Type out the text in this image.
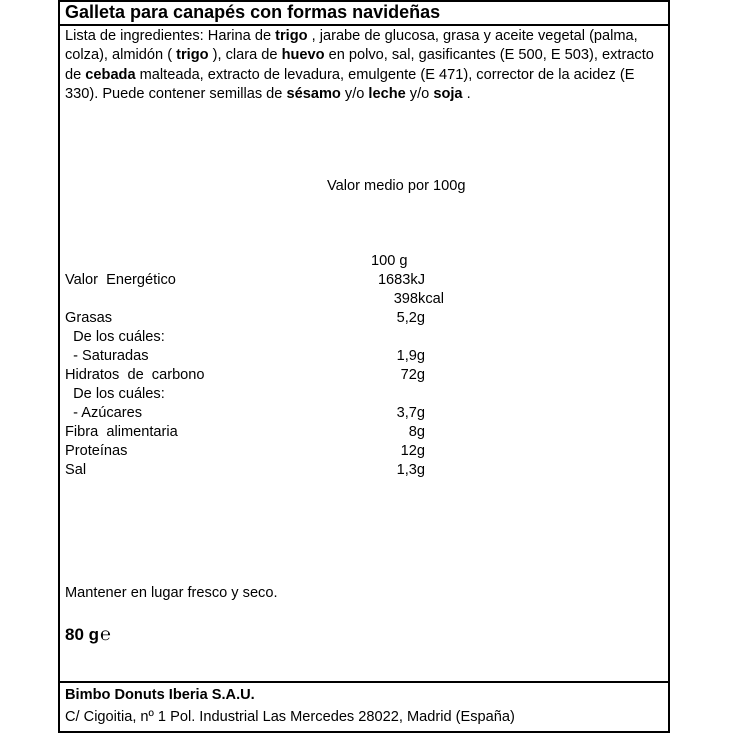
Galleta para canapés con formas navideñas
Lista de ingredientes: Harina de trigo , jarabe de glucosa, grasa y aceite vegetal (palma, colza), almidón ( trigo ), clara de huevo en polvo, sal, gasificantes (E 500, E 503), extracto de cebada malteada, extracto de levadura, emulgente (E 471), corrector de la acidez (E 330). Puede contener semillas de sésamo y/o leche y/o soja .
Valor medio por 100g
100 g
Valor  Energético	1683kJ
398kcal
Grasas	5,2g
De los cuáles:
- Saturadas	1,9g
Hidratos  de  carbono	72g
De los cuáles:
- Azúcares	3,7g
Fibra  alimentaria	8g
Proteínas	12g
Sal	1,3g
Mantener en lugar fresco y seco.
80 g ℮
Bimbo Donuts Iberia S.A.U.
C/ Cigoitia, nº 1 Pol. Industrial Las Mercedes 28022, Madrid (España)
